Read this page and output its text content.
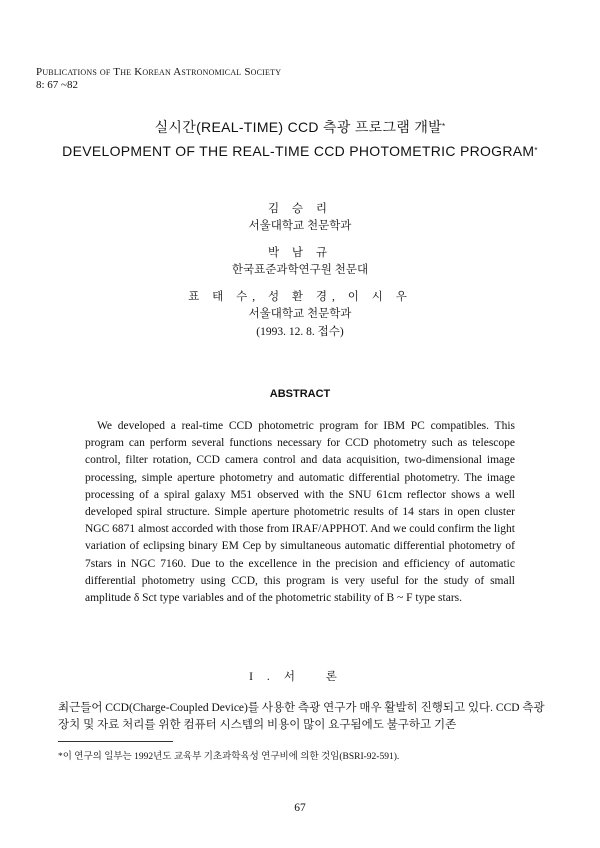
Publications of The Korean Astronomical Society
8: 67 ~82
실시간(REAL-TIME) CCD 측광 프로그램 개발*
DEVELOPMENT OF THE REAL-TIME CCD PHOTOMETRIC PROGRAM*
김 승 리
서울대학교 천문학과
박 남 규
한국표준과학연구원 천문대
표 태 수, 성 환 경, 이 시 우
서울대학교 천문학과
(1993. 12. 8. 접수)
ABSTRACT

We developed a real-time CCD photometric program for IBM PC compatibles. This program can perform several functions necessary for CCD photometry such as telescope control, filter rotation, CCD camera control and data acquisition, two-dimensional image processing, simple aperture photometry and automatic differential photometry. The image processing of a spiral galaxy M51 observed with the SNU 61cm reflector shows a well developed spiral structure. Simple aperture photometric results of 14 stars in open cluster NGC 6871 almost accorded with those from IRAF/APPHOT. And we could confirm the light variation of eclipsing binary EM Cep by simultaneous automatic differential photometry of 7stars in NGC 7160. Due to the excellence in the precision and efficiency of automatic differential photometry using CCD, this program is very useful for the study of small amplitude δ Sct type variables and of the photometric stability of B ~ F type stars.

I.서 론

최근들어 CCD(Charge-Coupled Device)를 사용한 측광 연구가 매우 활발히 진행되고 있다. CCD 측광장치 및 자료 처리를 위한 컴퓨터 시스템의 비용이 많이 요구됨에도 불구하고 기존

*이 연구의 일부는 1992년도 교육부 기초과학육성 연구비에 의한 것임(BSRI-92-591).
67
